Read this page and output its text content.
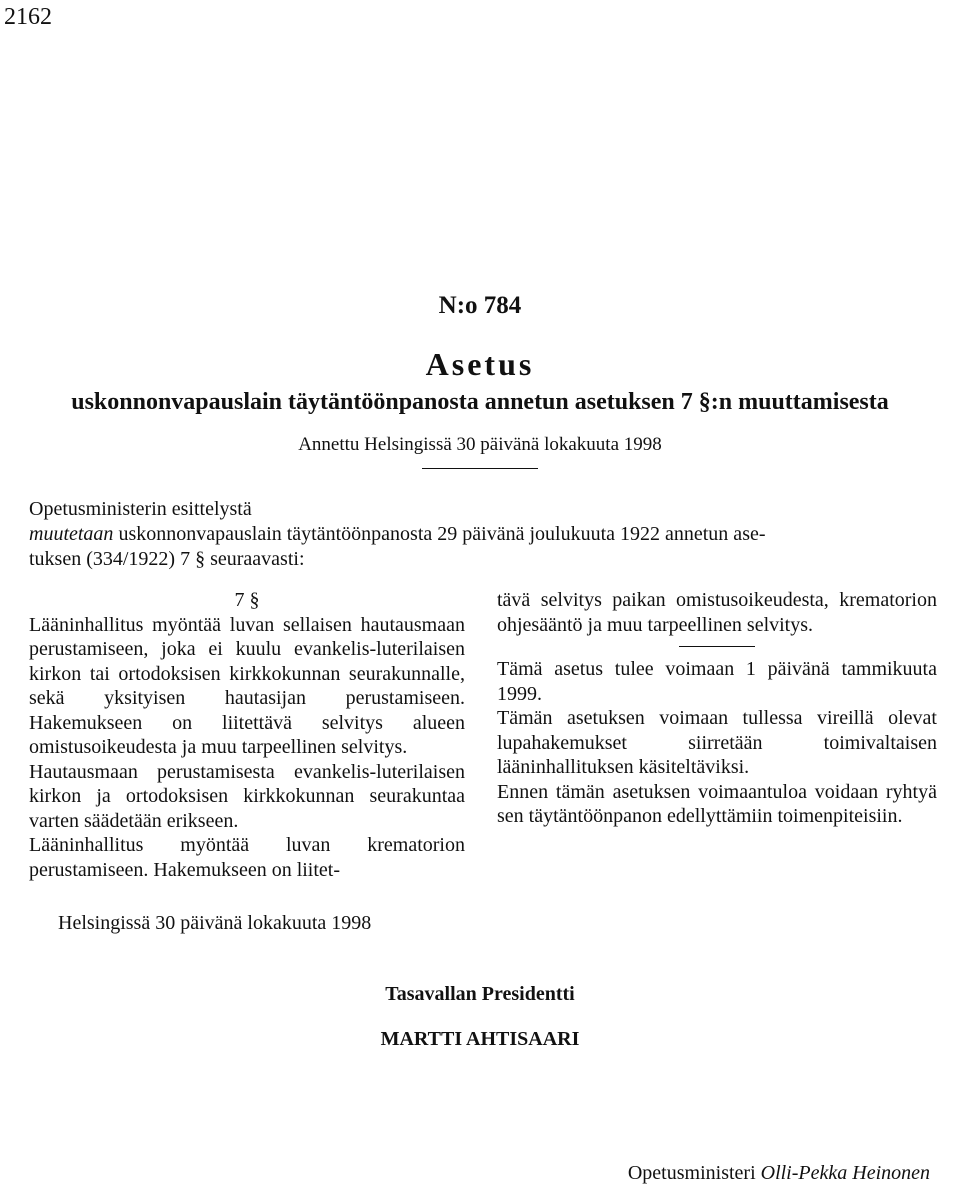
2162
N:o 784
Asetus
uskonnonvapauslain täytäntöönpanosta annetun asetuksen 7 §:n muuttamisesta
Annettu Helsingissä 30 päivänä lokakuuta 1998

Opetusministerin esittelystä

muutetaan uskonnonvapauslain täytäntöönpanosta 29 päivänä joulukuuta 1922 annetun ase-

tuksen (334/1922) 7 § seuraavasti:

7 §

Lääninhallitus myöntää luvan sellaisen hautausmaan perustamiseen, joka ei kuulu evankelis-luterilaisen kirkon tai ortodoksisen kirkkokunnan seurakunnalle, sekä yksityisen hautasijan perustamiseen. Hakemukseen on liitettävä selvitys alueen omistusoikeudesta ja muu tarpeellinen selvitys.

Hautausmaan perustamisesta evankelis-luterilaisen kirkon ja ortodoksisen kirkkokunnan seurakuntaa varten säädetään erikseen.

Lääninhallitus myöntää luvan krematorion perustamiseen. Hakemukseen on liitet-

tävä selvitys paikan omistusoikeudesta, krematorion ohjesääntö ja muu tarpeellinen selvitys.

Tämä asetus tulee voimaan 1 päivänä tammikuuta 1999.

Tämän asetuksen voimaan tullessa vireillä olevat lupahakemukset siirretään toimivaltaisen lääninhallituksen käsiteltäviksi.

Ennen tämän asetuksen voimaantuloa voidaan ryhtyä sen täytäntöönpanon edellyttämiin toimenpiteisiin.

Helsingissä 30 päivänä lokakuuta 1998
Tasavallan Presidentti
MARTTI AHTISAARI
Opetusministeri Olli-Pekka Heinonen
